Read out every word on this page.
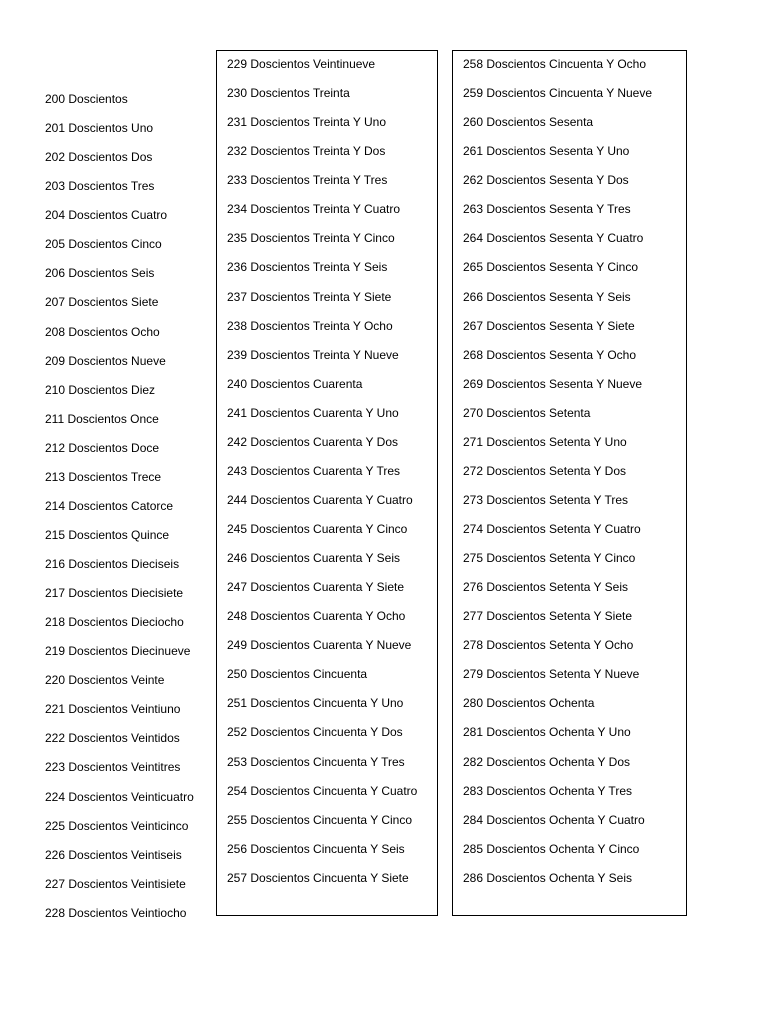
200 Doscientos
201 Doscientos Uno
202 Doscientos Dos
203 Doscientos Tres
204 Doscientos Cuatro
205 Doscientos Cinco
206 Doscientos Seis
207 Doscientos Siete
208 Doscientos Ocho
209 Doscientos Nueve
210 Doscientos Diez
211 Doscientos Once
212 Doscientos Doce
213 Doscientos Trece
214 Doscientos Catorce
215 Doscientos Quince
216 Doscientos Dieciseis
217 Doscientos Diecisiete
218 Doscientos Dieciocho
219 Doscientos Diecinueve
220 Doscientos Veinte
221 Doscientos Veintiuno
222 Doscientos Veintidos
223 Doscientos Veintitres
224 Doscientos Veinticuatro
225 Doscientos Veinticinco
226 Doscientos Veintiseis
227 Doscientos Veintisiete
228 Doscientos Veintiocho
229 Doscientos Veintinueve
230 Doscientos Treinta
231 Doscientos Treinta Y Uno
232 Doscientos Treinta Y Dos
233 Doscientos Treinta Y Tres
234 Doscientos Treinta Y Cuatro
235 Doscientos Treinta Y Cinco
236 Doscientos Treinta Y Seis
237 Doscientos Treinta Y Siete
238 Doscientos Treinta Y Ocho
239 Doscientos Treinta Y Nueve
240 Doscientos Cuarenta
241 Doscientos Cuarenta Y Uno
242 Doscientos Cuarenta Y Dos
243 Doscientos Cuarenta Y Tres
244 Doscientos Cuarenta Y Cuatro
245 Doscientos Cuarenta Y Cinco
246 Doscientos Cuarenta Y Seis
247 Doscientos Cuarenta Y Siete
248 Doscientos Cuarenta Y Ocho
249 Doscientos Cuarenta Y Nueve
250 Doscientos Cincuenta
251 Doscientos Cincuenta Y Uno
252 Doscientos Cincuenta Y Dos
253 Doscientos Cincuenta Y Tres
254 Doscientos Cincuenta Y Cuatro
255 Doscientos Cincuenta Y Cinco
256 Doscientos Cincuenta Y Seis
257 Doscientos Cincuenta Y Siete
258 Doscientos Cincuenta Y Ocho
259 Doscientos Cincuenta Y Nueve
260 Doscientos Sesenta
261 Doscientos Sesenta Y Uno
262 Doscientos Sesenta Y Dos
263 Doscientos Sesenta Y Tres
264 Doscientos Sesenta Y Cuatro
265 Doscientos Sesenta Y Cinco
266 Doscientos Sesenta Y Seis
267 Doscientos Sesenta Y Siete
268 Doscientos Sesenta Y Ocho
269 Doscientos Sesenta Y Nueve
270 Doscientos Setenta
271 Doscientos Setenta Y Uno
272 Doscientos Setenta Y Dos
273 Doscientos Setenta Y Tres
274 Doscientos Setenta Y Cuatro
275 Doscientos Setenta Y Cinco
276 Doscientos Setenta Y Seis
277 Doscientos Setenta Y Siete
278 Doscientos Setenta Y Ocho
279 Doscientos Setenta Y Nueve
280 Doscientos Ochenta
281 Doscientos Ochenta Y Uno
282 Doscientos Ochenta Y Dos
283 Doscientos Ochenta Y Tres
284 Doscientos Ochenta Y Cuatro
285 Doscientos Ochenta Y Cinco
286 Doscientos Ochenta Y Seis
